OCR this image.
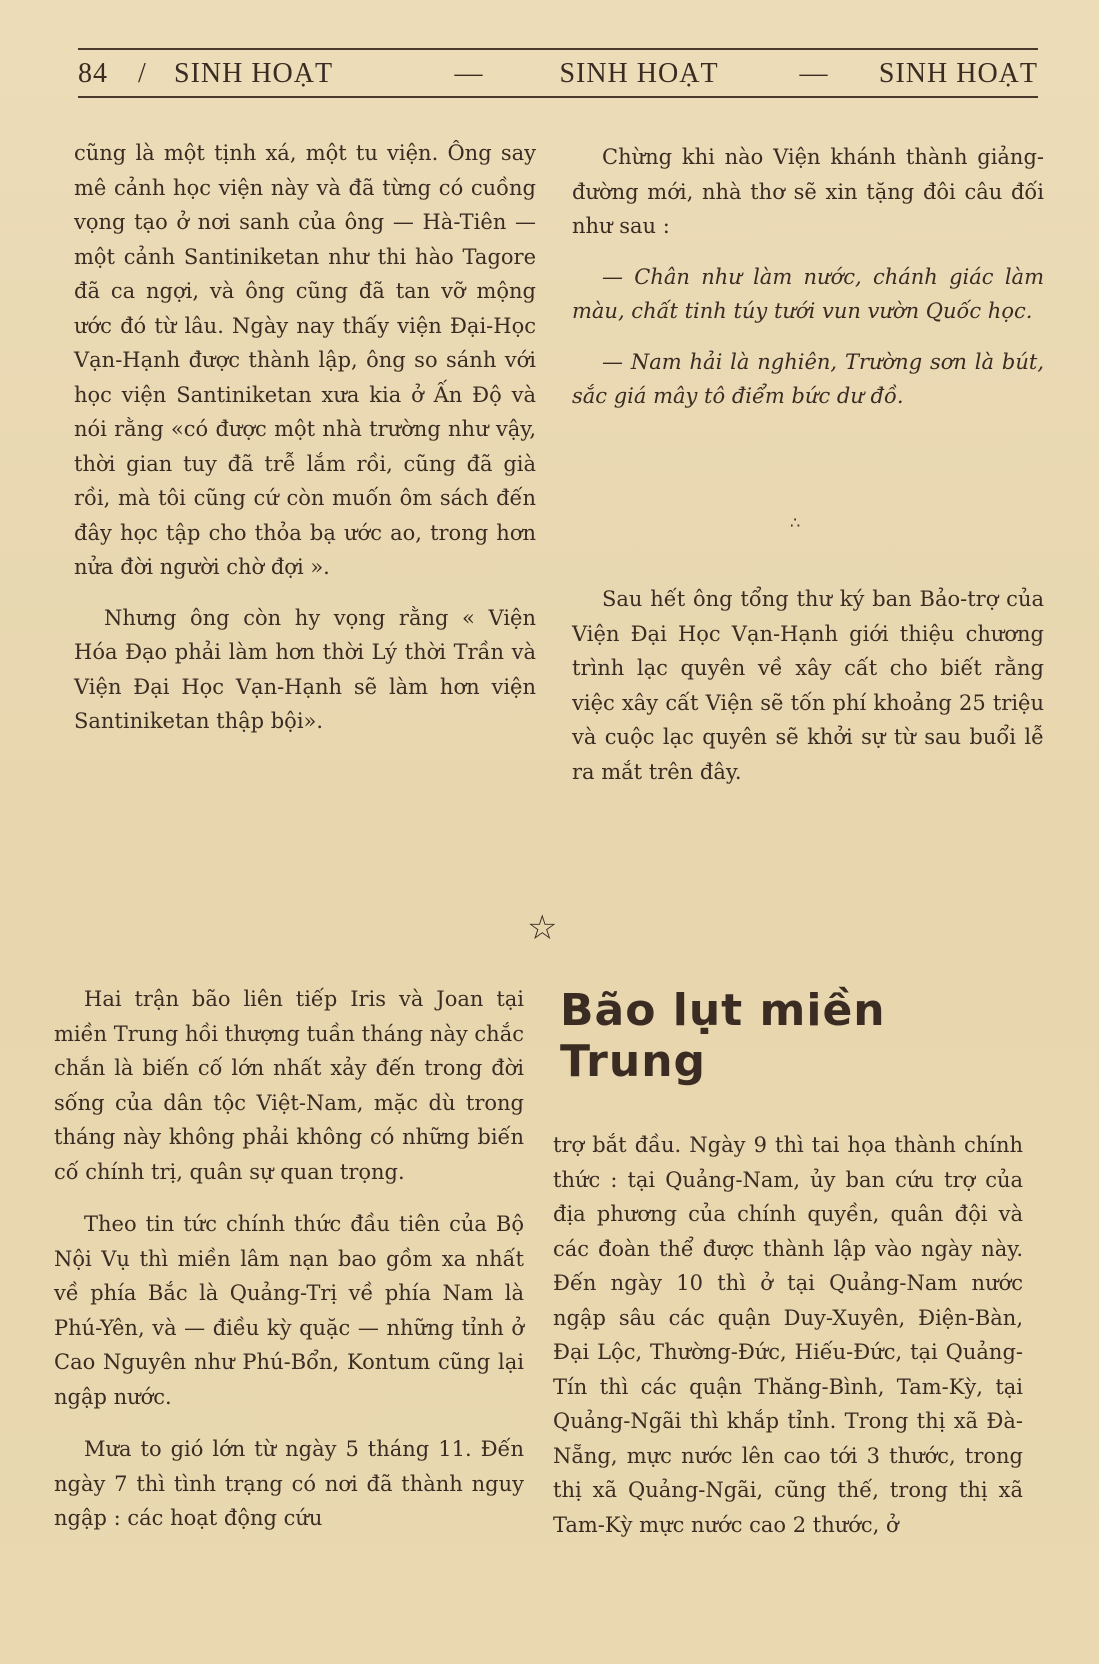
84	/ SINH HOẠT	—	SINH HOẠT	—	SINH HOẠT

cũng là một tịnh xá, một tu viện. Ông say mê cảnh học viện này và đã từng có cuồng vọng tạo ở nơi sanh của ông — Hà-Tiên — một cảnh Santiniketan như thi hào Tagore đã ca ngợi, và ông cũng đã tan vỡ mộng ước đó từ lâu. Ngày nay thấy viện Đại-Học Vạn-Hạnh được thành lập, ông so sánh với học viện Santiniketan xưa kia ở Ấn Độ và nói rằng «có được một nhà trường như vậy, thời gian tuy đã trễ lắm rồi, cũng đã già rồi, mà tôi cũng cứ còn muốn ôm sách đến đây học tập cho thỏa bạ ước ao, trong hơn nửa đời người chờ đợi ».

Nhưng ông còn hy vọng rằng « Viện Hóa Đạo phải làm hơn thời Lý thời Trần và Viện Đại Học Vạn-Hạnh sẽ làm hơn viện Santiniketan thập bội».

Chừng khi nào Viện khánh thành giảng-đường mới, nhà thơ sẽ xin tặng đôi câu đối như sau :

— Chân như làm nước, chánh giác làm màu, chất tinh túy tưới vun vườn Quốc học.

— Nam hải là nghiên, Trường sơn là bút, sắc giá mây tô điểm bức dư đồ.

∴

Sau hết ông tổng thư ký ban Bảo-trợ của Viện Đại Học Vạn-Hạnh giới thiệu chương trình lạc quyên về xây cất cho biết rằng việc xây cất Viện sẽ tốn phí khoảng 25 triệu và cuộc lạc quyên sẽ khởi sự từ sau buổi lễ ra mắt trên đây.

☆
Bão lụt miền Trung

Hai trận bão liên tiếp Iris và Joan tại miền Trung hồi thượng tuần tháng này chắc chắn là biến cố lớn nhất xảy đến trong đời sống của dân tộc Việt-Nam, mặc dù trong tháng này không phải không có những biến cố chính trị, quân sự quan trọng.

Theo tin tức chính thức đầu tiên của Bộ Nội Vụ thì miền lâm nạn bao gồm xa nhất về phía Bắc là Quảng-Trị về phía Nam là Phú-Yên, và — điều kỳ quặc — những tỉnh ở Cao Nguyên như Phú-Bổn, Kontum cũng lại ngập nước.

Mưa to gió lớn từ ngày 5 tháng 11. Đến ngày 7 thì tình trạng có nơi đã thành nguy ngập : các hoạt động cứu

trợ bắt đầu. Ngày 9 thì tai họa thành chính thức : tại Quảng-Nam, ủy ban cứu trợ của địa phương của chính quyền, quân đội và các đoàn thể được thành lập vào ngày này. Đến ngày 10 thì ở tại Quảng-Nam nước ngập sâu các quận Duy-Xuyên, Điện-Bàn, Đại Lộc, Thường-Đức, Hiếu-Đức, tại Quảng-Tín thì các quận Thăng-Bình, Tam-Kỳ, tại Quảng-Ngãi thì khắp tỉnh. Trong thị xã Đà-Nẵng, mực nước lên cao tới 3 thước, trong thị xã Quảng-Ngãi, cũng thế, trong thị xã Tam-Kỳ mực nước cao 2 thước, ở
